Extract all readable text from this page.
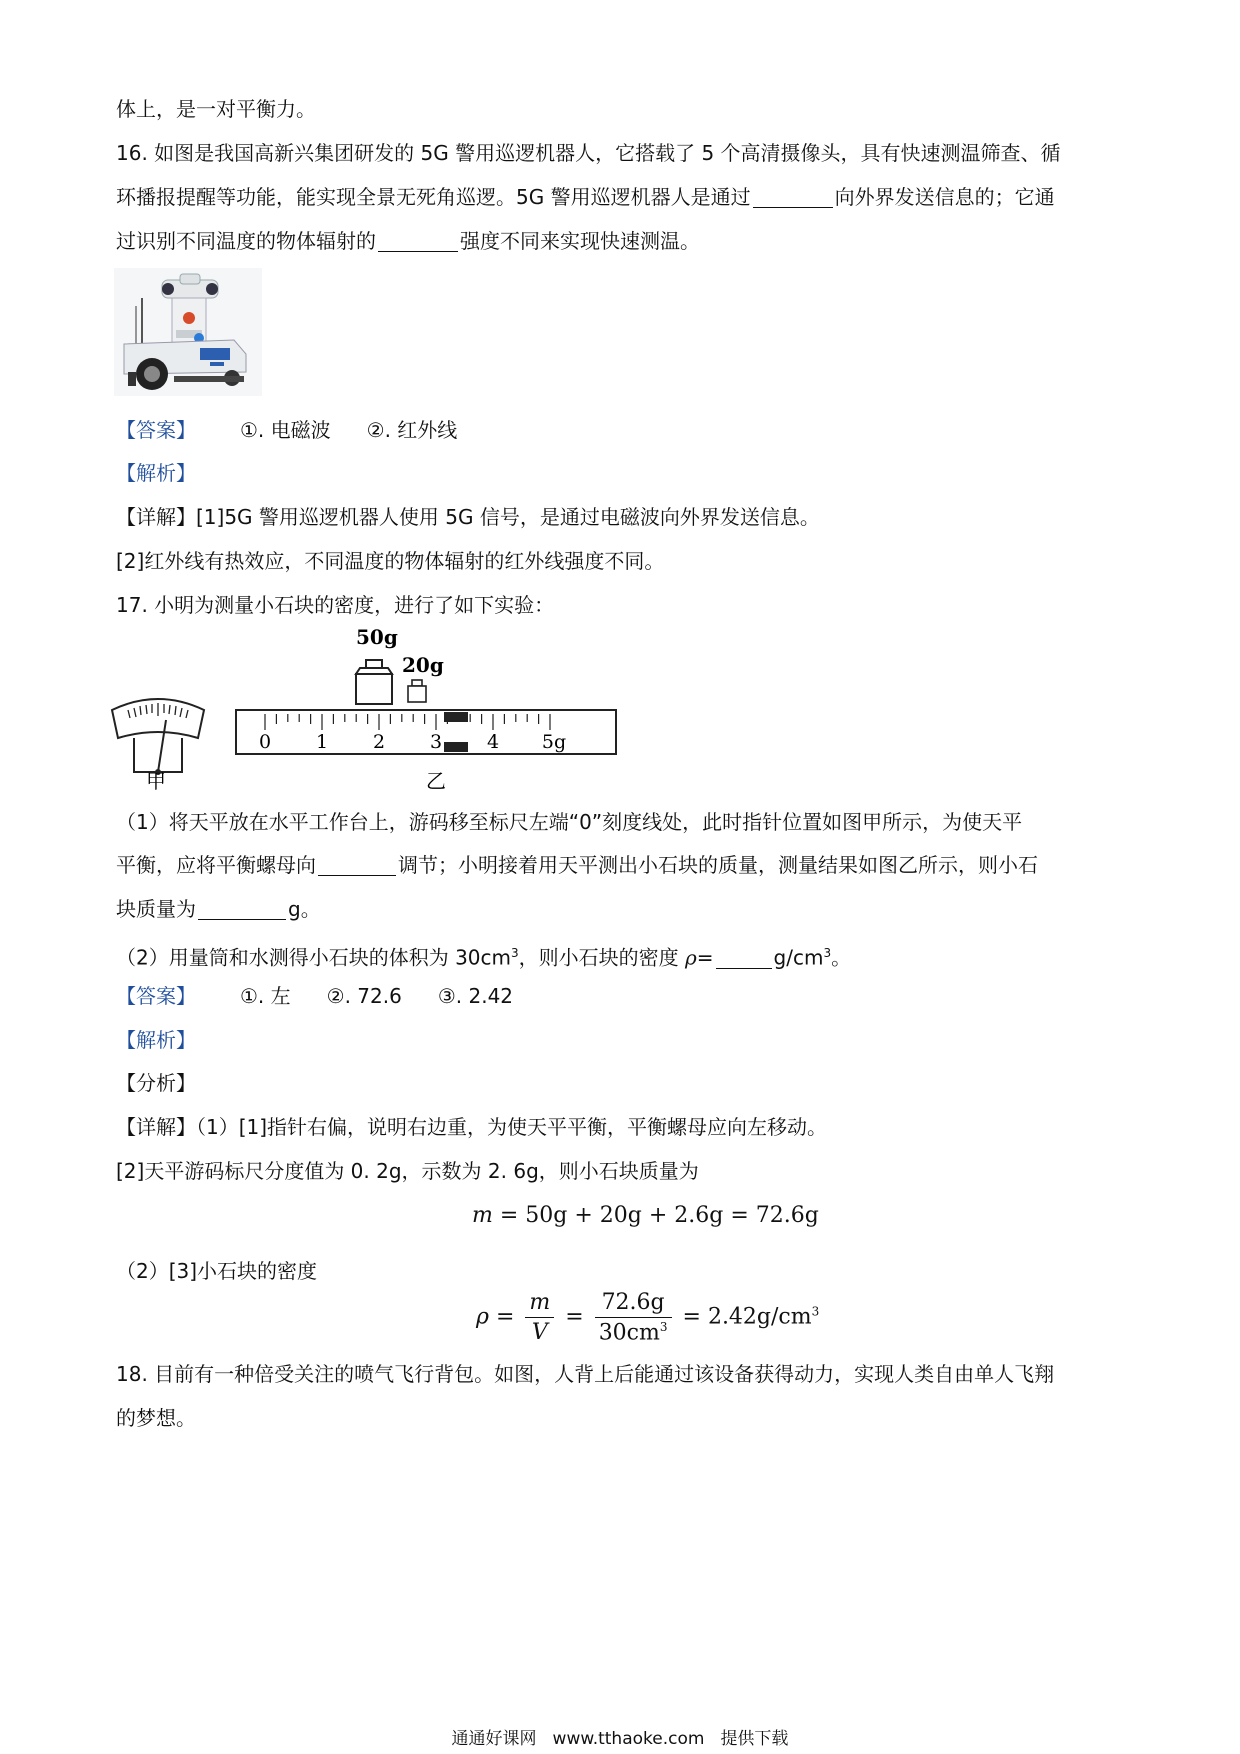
体上，是一对平衡力。
16. 如图是我国高新兴集团研发的 5G 警用巡逻机器人，它搭载了 5 个高清摄像头，具有快速测温筛查、循
环播报提醒等功能，能实现全景无死角巡逻。5G 警用巡逻机器人是通过	向外界发送信息的；它通
过识别不同温度的物体辐射的	强度不同来实现快速测温。
【答案】 ①. 电磁波 ②. 红外线
【解析】
【详解】[1]5G 警用巡逻机器人使用 5G 信号，是通过电磁波向外界发送信息。
[2]红外线有热效应，不同温度的物体辐射的红外线强度不同。
17. 小明为测量小石块的密度，进行了如下实验：
甲
50g
20g
0 1 2 3 4 5g
乙
（1）将天平放在水平工作台上，游码移至标尺左端“0”刻度线处，此时指针位置如图甲所示，为使天平
平衡，应将平衡螺母向	调节；小明接着用天平测出小石块的质量，测量结果如图乙所示，则小石
块质量为	g。
（2）用量筒和水测得小石块的体积为 $30cm^3$，则小石块的密度 ρ=	$g/cm^3$。
【答案】 ①. 左 ②. 72.6 ③. 2.42
【解析】
【分析】
【详解】（1）[1]指针右偏，说明右边重，为使天平平衡，平衡螺母应向左移动。
[2]天平游码标尺分度值为 0. 2g，示数为 2. 6g，则小石块质量为
m = 50g + 20g + 2.6g = 72.6g
（2）[3]小石块的密度
$\rho = \frac{m}{V} = \frac{72.6g}{30cm^3} = 2.42g/cm^3$
18. 目前有一种倍受关注的喷气飞行背包。如图，人背上后能通过该设备获得动力，实现人类自由单人飞翔
的梦想。
通通好课网 www.tthaoke.com 提供下载
